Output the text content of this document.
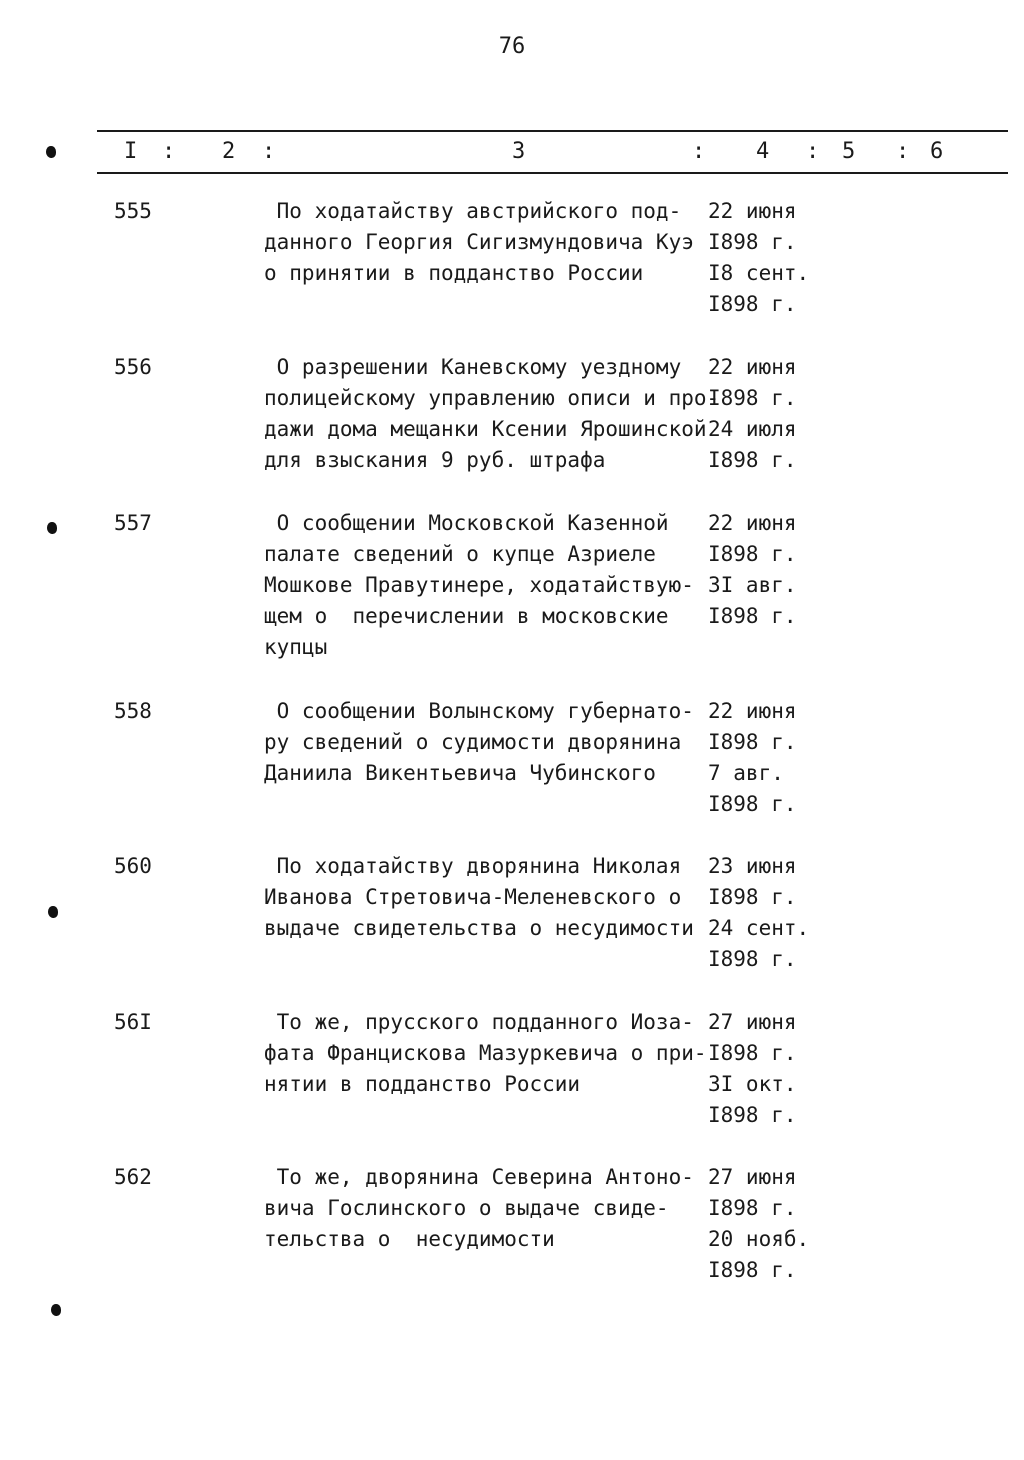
76
I : 2 :	3	: 4 : 5 : 6
555	По ходатайству австрийского под-
данного Георгия Сигизмундовича Куэ
о принятии в подданство России
22 июня
I898 г.
I8 сент.
I898 г.
556	О разрешении Каневскому уездному
полицейскому управлению описи и про-
дажи дома мещанки Ксении Ярошинской
для взыскания 9 руб. штрафа
22 июня
I898 г.
24 июля
I898 г.
557	О сообщении Московской Казенной
палате сведений о купце Азриеле
Мошкове Правутинере, ходатайствую-
щем о  перечислении в московские
купцы
22 июня
I898 г.
3I авг.
I898 г.
558	О сообщении Волынскому губернато-
ру сведений о судимости дворянина
Даниила Викентьевича Чубинского
22 июня
I898 г.
7 авг.
I898 г.
560	По ходатайству дворянина Николая
Иванова Стретовича-Меленевского о
выдаче свидетельства о несудимости
23 июня
I898 г.
24 сент.
I898 г.
56I	То же, прусского подданного Иоза-
фата Францискова Мазуркевича о при-
нятии в подданство России
27 июня
I898 г.
3I окт.
I898 г.
562	То же, дворянина Северина Антоно-
вича Гослинского о выдаче свиде-
тельства о  несудимости
27 июня
I898 г.
20 нояб.
I898 г.
